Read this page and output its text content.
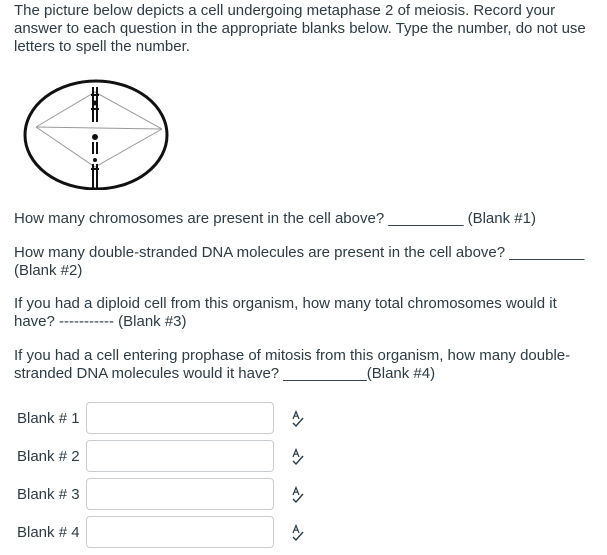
The picture below depicts a cell undergoing metaphase 2 of meiosis. Record your answer to each question in the appropriate blanks below. Type the number, do not use letters to spell the number.

How many chromosomes are present in the cell above? _________ (Blank #1)

How many double-stranded DNA molecules are present in the cell above? _________ (Blank #2)

If you had a diploid cell from this organism, how many total chromosomes would it have? ----------- (Blank #3)

If you had a cell entering prophase of mitosis from this organism, how many double-stranded DNA molecules would it have? __________(Blank #4)

Blank # 1
Blank # 2
Blank # 3
Blank # 4
